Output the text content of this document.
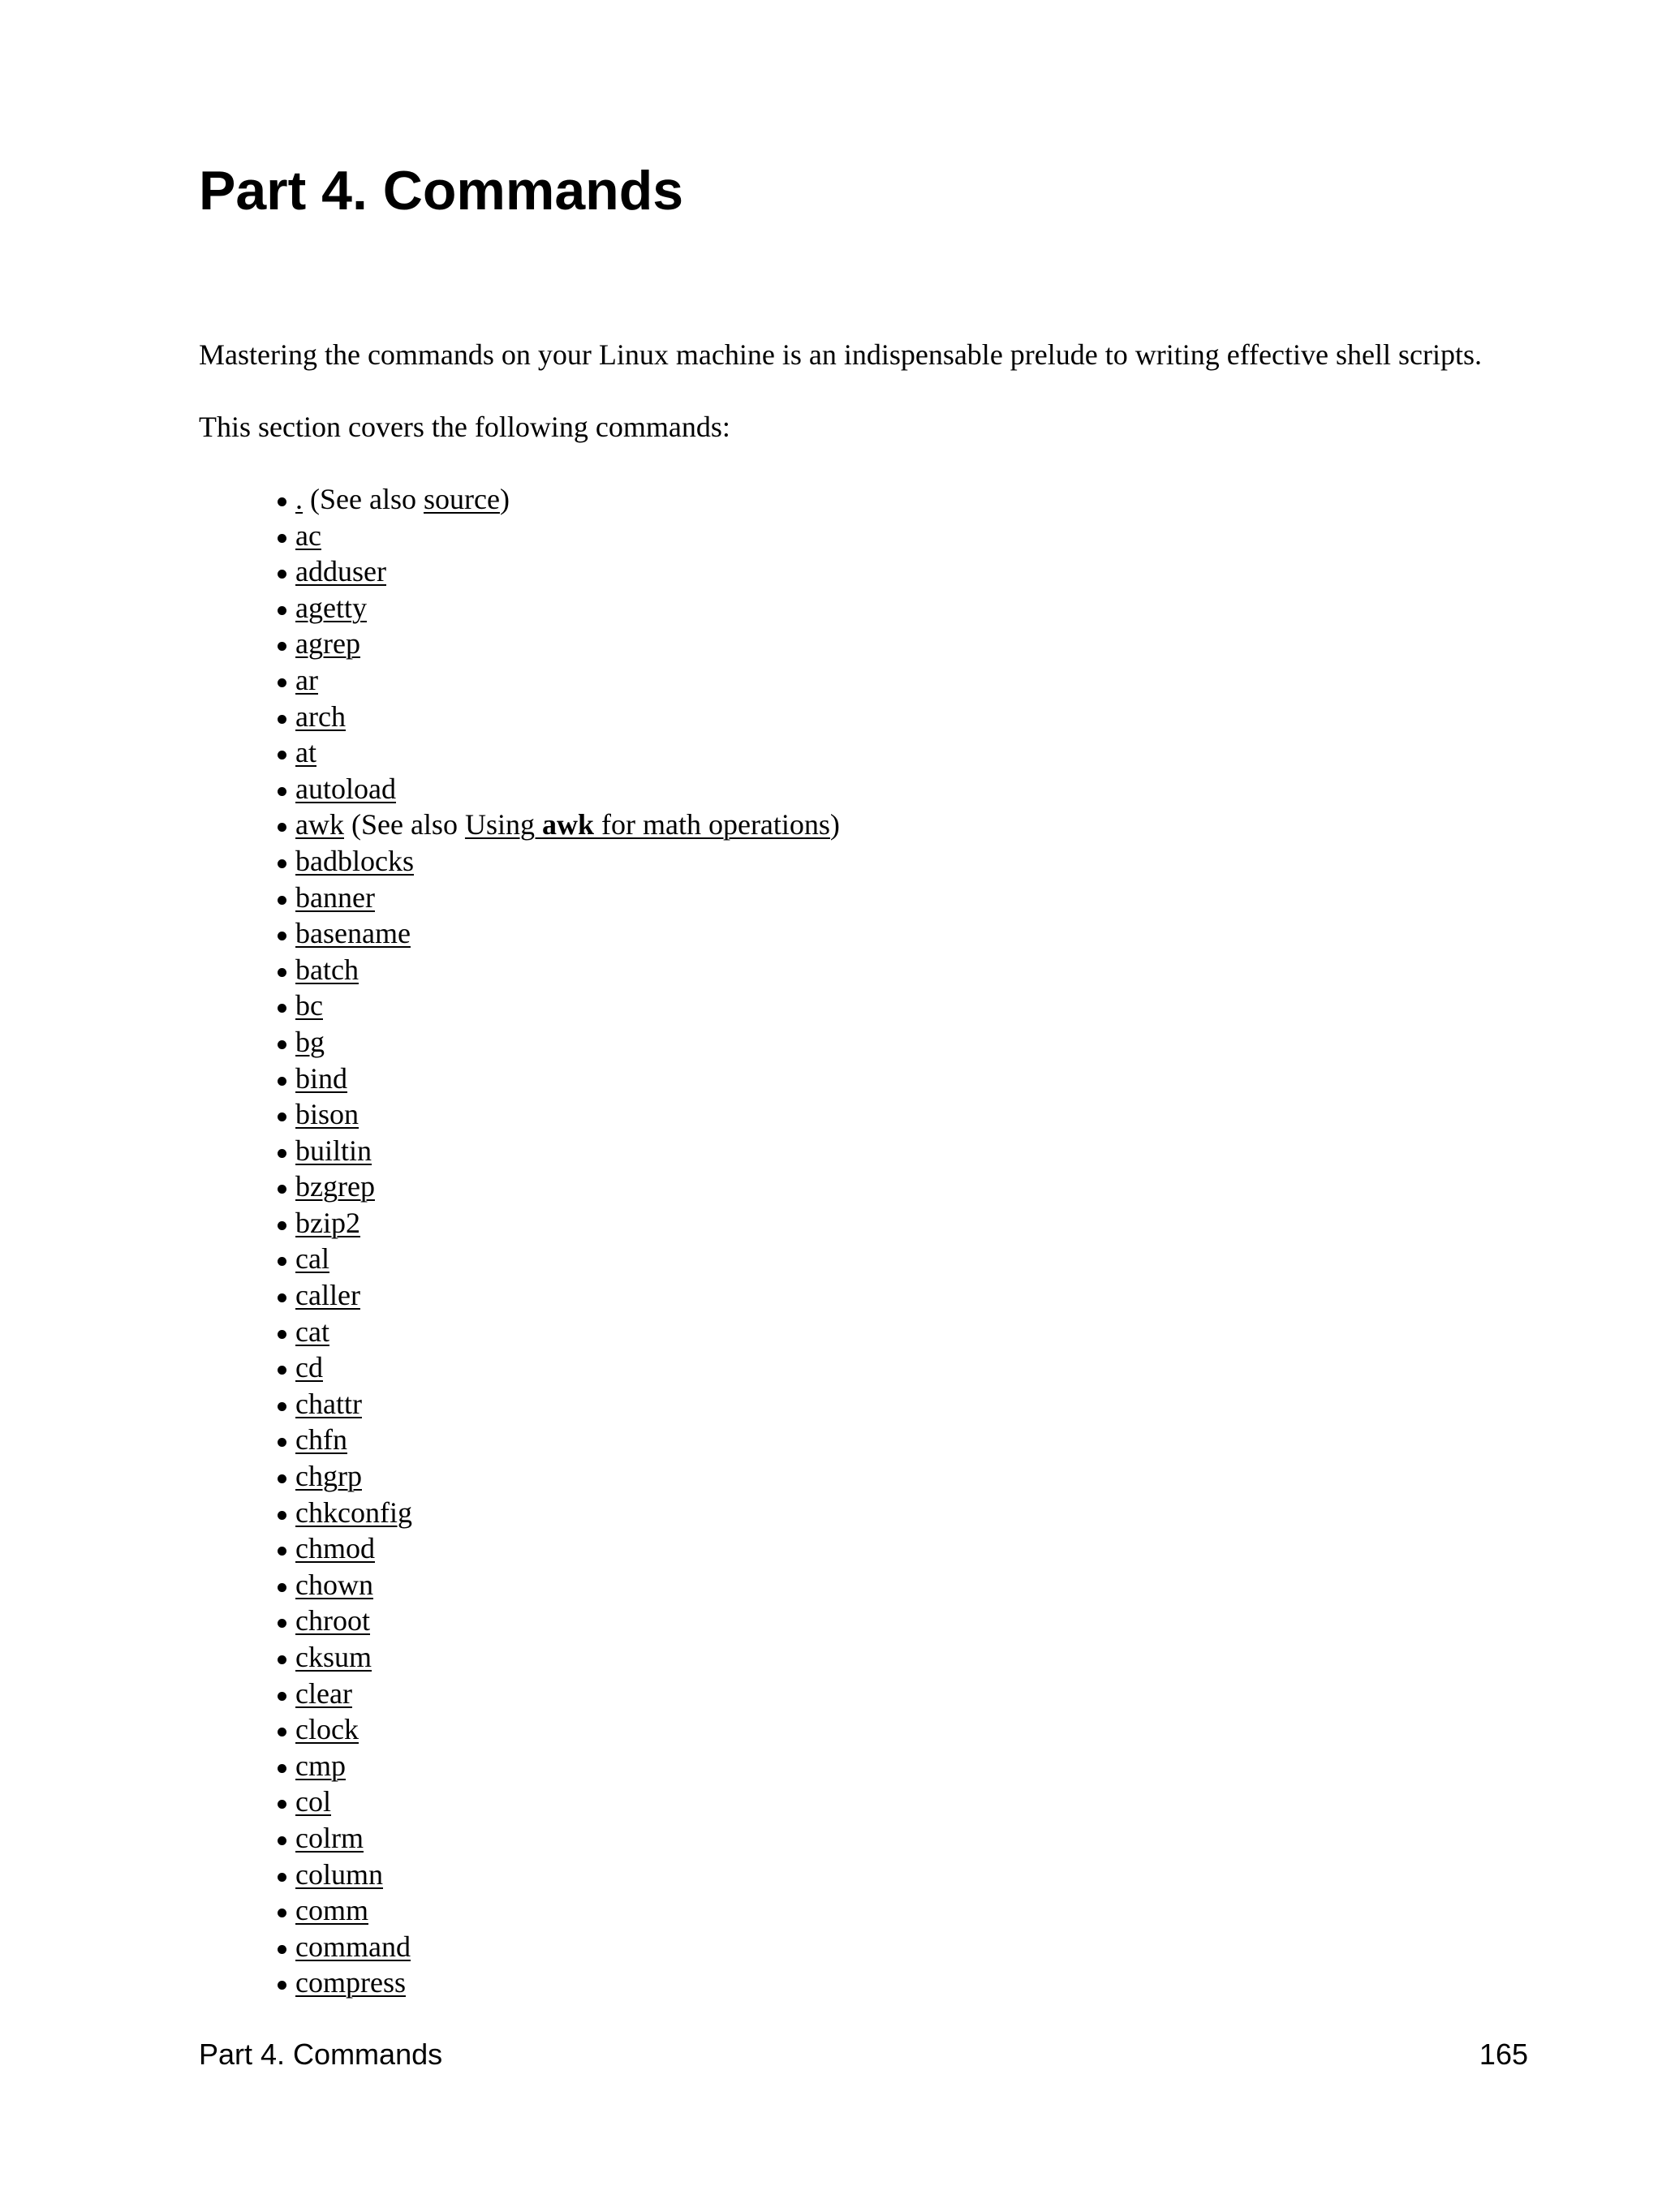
Part 4. Commands

Mastering the commands on your Linux machine is an indispensable prelude to writing effective shell scripts.

This section covers the following commands:

. (See also source)
ac
adduser
agetty
agrep
ar
arch
at
autoload
awk (See also Using awk for math operations)
badblocks
banner
basename
batch
bc
bg
bind
bison
builtin
bzgrep
bzip2
cal
caller
cat
cd
chattr
chfn
chgrp
chkconfig
chmod
chown
chroot
cksum
clear
clock
cmp
col
colrm
column
comm
command
compress
Part 4. Commands	165
